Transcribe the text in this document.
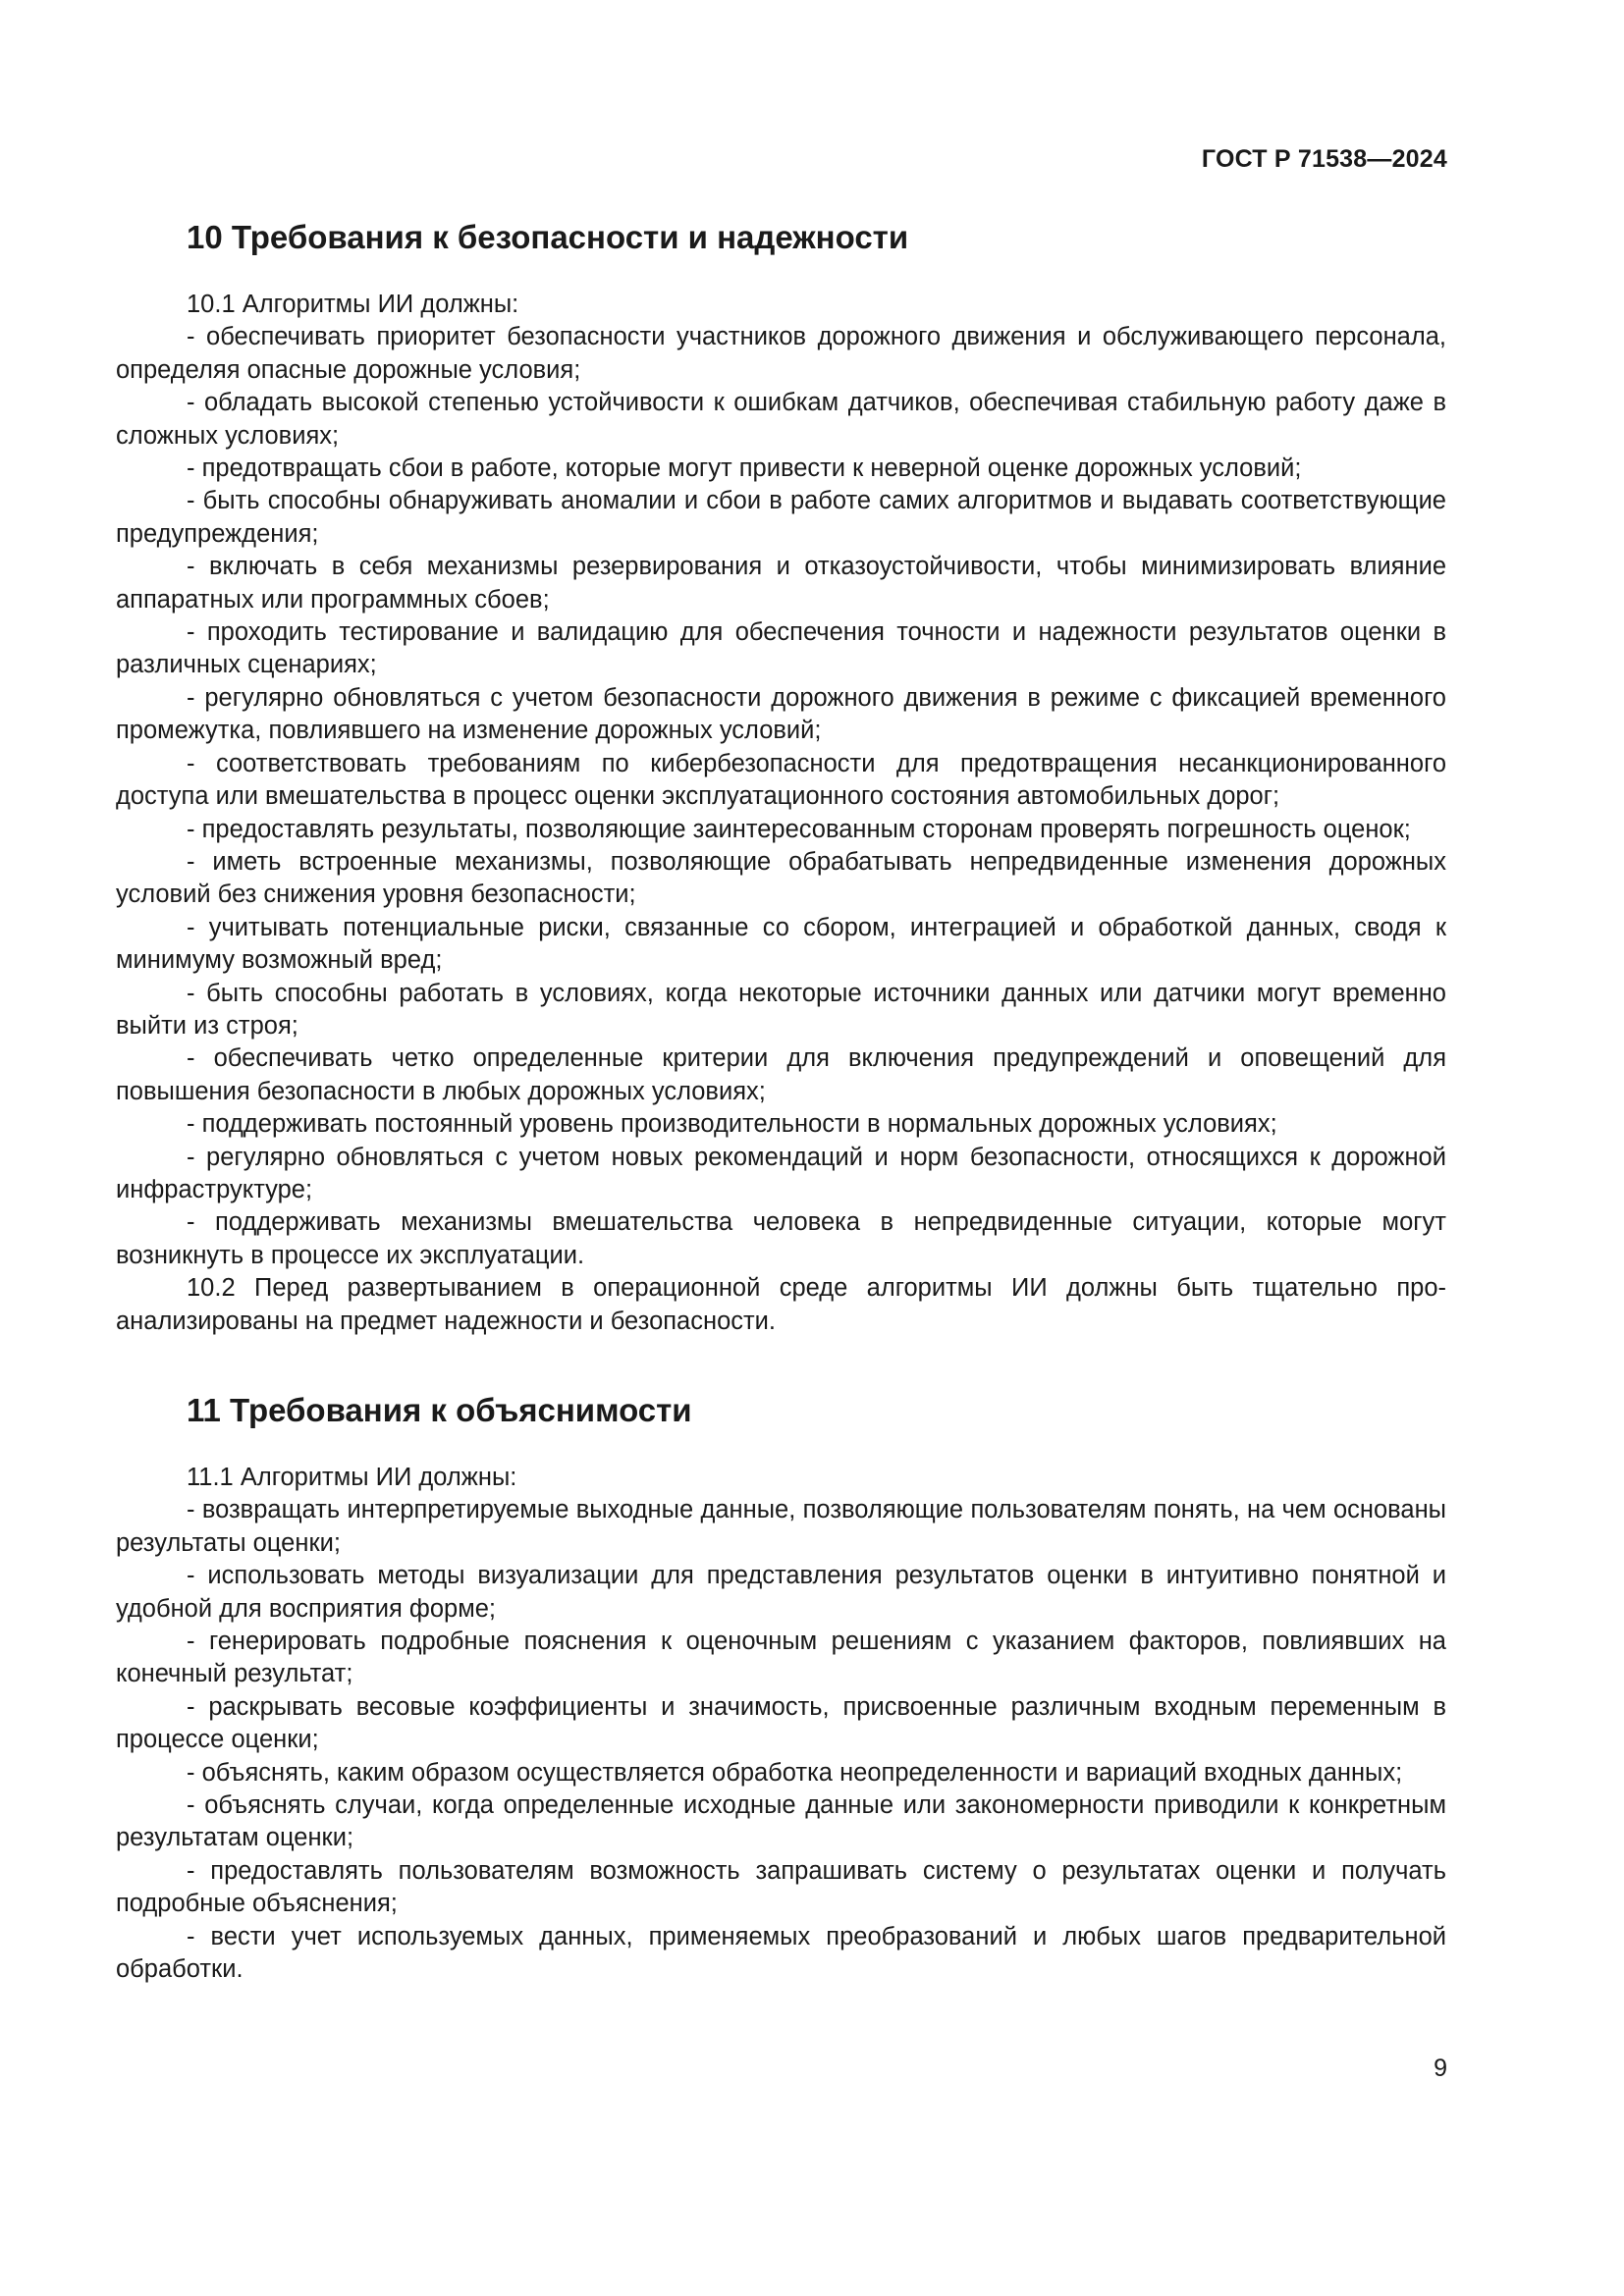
ГОСТ Р 71538—2024
10 Требования к безопасности и надежности

10.1 Алгоритмы ИИ должны:

- обеспечивать приоритет безопасности участников дорожного движения и обслуживающего персонала, определяя опасные дорожные условия;

- обладать высокой степенью устойчивости к ошибкам датчиков, обеспечивая стабильную работу даже в сложных условиях;

- предотвращать сбои в работе, которые могут привести к неверной оценке дорожных условий;

- быть способны обнаруживать аномалии и сбои в работе самих алгоритмов и выдавать соответствующие предупреждения;

- включать в себя механизмы резервирования и отказоустойчивости, чтобы минимизировать влияние аппаратных или программных сбоев;

- проходить тестирование и валидацию для обеспечения точности и надежности результатов оценки в различных сценариях;

- регулярно обновляться с учетом безопасности дорожного движения в режиме с фиксацией временного промежутка, повлиявшего на изменение дорожных условий;

- соответствовать требованиям по кибербезопасности для предотвращения несанкционированного доступа или вмешательства в процесс оценки эксплуатационного состояния автомобильных дорог;

- предоставлять результаты, позволяющие заинтересованным сторонам проверять погрешность оценок;

- иметь встроенные механизмы, позволяющие обрабатывать непредвиденные изменения дорожных условий без снижения уровня безопасности;

- учитывать потенциальные риски, связанные со сбором, интеграцией и обработкой данных, сводя к минимуму возможный вред;

- быть способны работать в условиях, когда некоторые источники данных или датчики могут временно выйти из строя;

- обеспечивать четко определенные критерии для включения предупреждений и оповещений для повышения безопасности в любых дорожных условиях;

- поддерживать постоянный уровень производительности в нормальных дорожных условиях;

- регулярно обновляться с учетом новых рекомендаций и норм безопасности, относящихся к дорожной инфраструктуре;

- поддерживать механизмы вмешательства человека в непредвиденные ситуации, которые могут возникнуть в процессе их эксплуатации.

10.2 Перед развертыванием в операционной среде алгоритмы ИИ должны быть тщательно проанализированы на предмет надежности и безопасности.

11 Требования к объяснимости

11.1 Алгоритмы ИИ должны:

- возвращать интерпретируемые выходные данные, позволяющие пользователям понять, на чем основаны результаты оценки;

- использовать методы визуализации для представления результатов оценки в интуитивно понятной и удобной для восприятия форме;

- генерировать подробные пояснения к оценочным решениям с указанием факторов, повлиявших на конечный результат;

- раскрывать весовые коэффициенты и значимость, присвоенные различным входным переменным в процессе оценки;

- объяснять, каким образом осуществляется обработка неопределенности и вариаций входных данных;

- объяснять случаи, когда определенные исходные данные или закономерности приводили к конкретным результатам оценки;

- предоставлять пользователям возможность запрашивать систему о результатах оценки и получать подробные объяснения;

- вести учет используемых данных, применяемых преобразований и любых шагов предварительной обработки.

9
